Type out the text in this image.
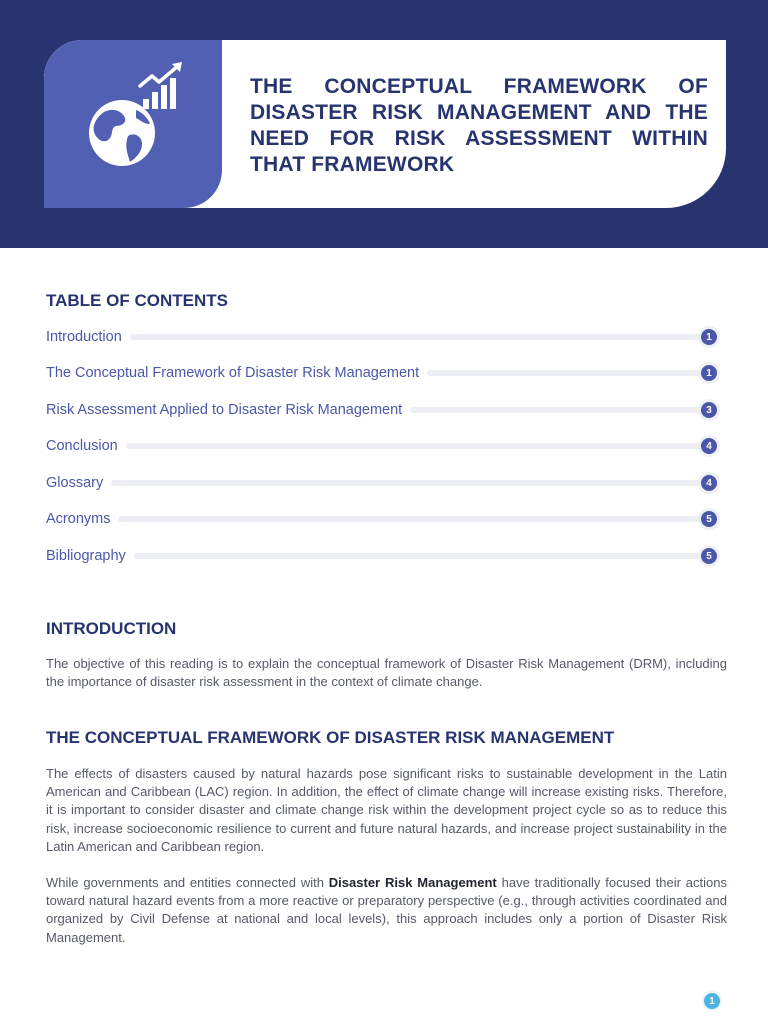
THE CONCEPTUAL FRAMEWORK OF DISASTER RISK MANAGEMENT AND THE NEED FOR RISK ASSESSMENT WITHIN THAT FRAMEWORK
TABLE OF CONTENTS
Introduction	1
The Conceptual Framework of Disaster Risk Management	1
Risk Assessment Applied to Disaster Risk Management	3
Conclusion	4
Glossary	4
Acronyms	5
Bibliography	5
INTRODUCTION

The objective of this reading is to explain the conceptual framework of Disaster Risk Management (DRM), including the importance of disaster risk assessment in the context of climate change.

THE CONCEPTUAL FRAMEWORK OF DISASTER RISK MANAGEMENT

The effects of disasters caused by natural hazards pose significant risks to sustainable development in the Latin American and Caribbean (LAC) region. In addition, the effect of climate change will increase existing risks. Therefore, it is important to consider disaster and climate change risk within the development project cycle so as to reduce this risk, increase socioeconomic resilience to current and future natural hazards, and increase project sustainability in the Latin American and Caribbean region.

While governments and entities connected with Disaster Risk Management have traditionally focused their actions toward natural hazard events from a more reactive or preparatory perspective (e.g., through activities coordinated and organized by Civil Defense at national and local levels), this approach includes only a portion of Disaster Risk Management.

1
